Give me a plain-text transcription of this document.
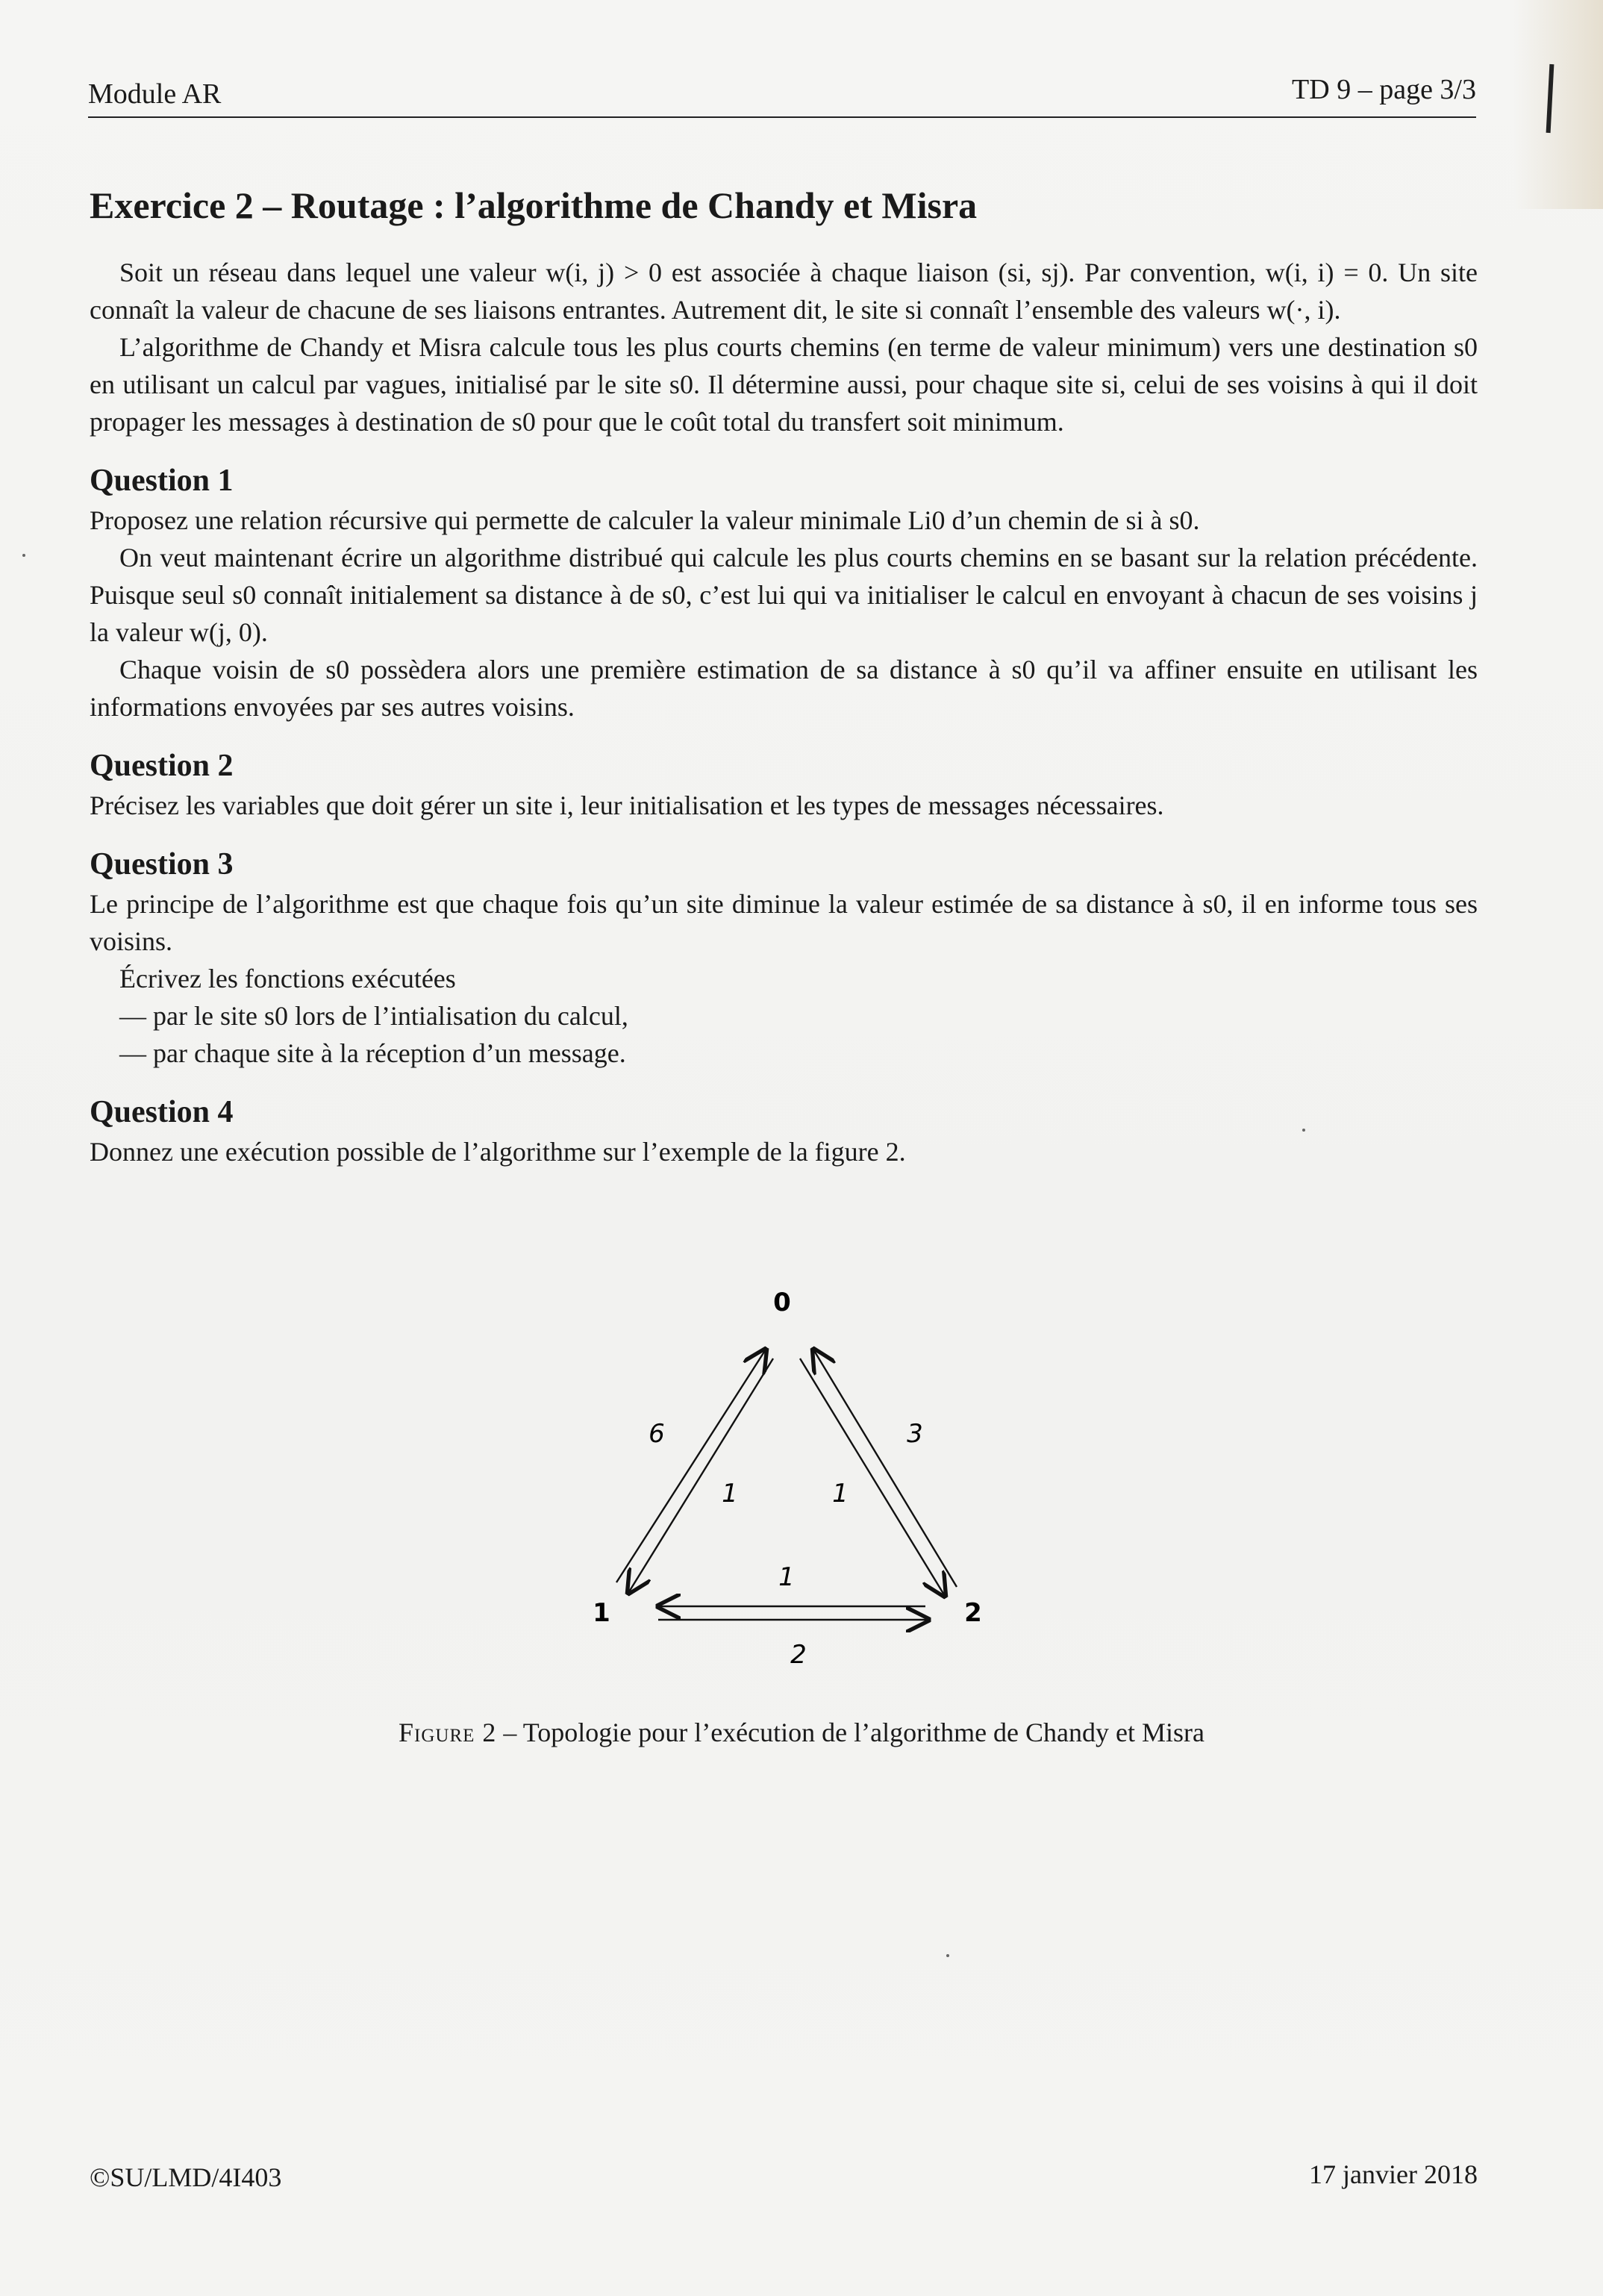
Module AR	TD 9 – page 3/3
Exercice 2 – Routage : l’algorithme de Chandy et Misra

Soit un réseau dans lequel une valeur w(i, j) > 0 est associée à chaque liaison (si, sj). Par convention, w(i, i) = 0. Un site connaît la valeur de chacune de ses liaisons entrantes. Autrement dit, le site si connaît l’ensemble des valeurs w(·, i).

L’algorithme de Chandy et Misra calcule tous les plus courts chemins (en terme de valeur minimum) vers une destination s0 en utilisant un calcul par vagues, initialisé par le site s0. Il détermine aussi, pour chaque site si, celui de ses voisins à qui il doit propager les messages à destination de s0 pour que le coût total du transfert soit minimum.

Question 1

Proposez une relation récursive qui permette de calculer la valeur minimale Li0 d’un chemin de si à s0.

On veut maintenant écrire un algorithme distribué qui calcule les plus courts chemins en se basant sur la relation précédente. Puisque seul s0 connaît initialement sa distance à de s0, c’est lui qui va initialiser le calcul en envoyant à chacun de ses voisins j la valeur w(j, 0).

Chaque voisin de s0 possèdera alors une première estimation de sa distance à s0 qu’il va affiner ensuite en utilisant les informations envoyées par ses autres voisins.

Question 2

Précisez les variables que doit gérer un site i, leur initialisation et les types de messages nécessaires.

Question 3

Le principe de l’algorithme est que chaque fois qu’un site diminue la valeur estimée de sa distance à s0, il en informe tous ses voisins.

Écrivez les fonctions exécutées

— par le site s0 lors de l’intialisation du calcul,

— par chaque site à la réception d’un message.

Question 4

Donnez une exécution possible de l’algorithme sur l’exemple de la figure 2.

0
1	2
6
1	1
3
1
2
Figure 2 – Topologie pour l’exécution de l’algorithme de Chandy et Misra
©SU/LMD/4I403	17 janvier 2018
